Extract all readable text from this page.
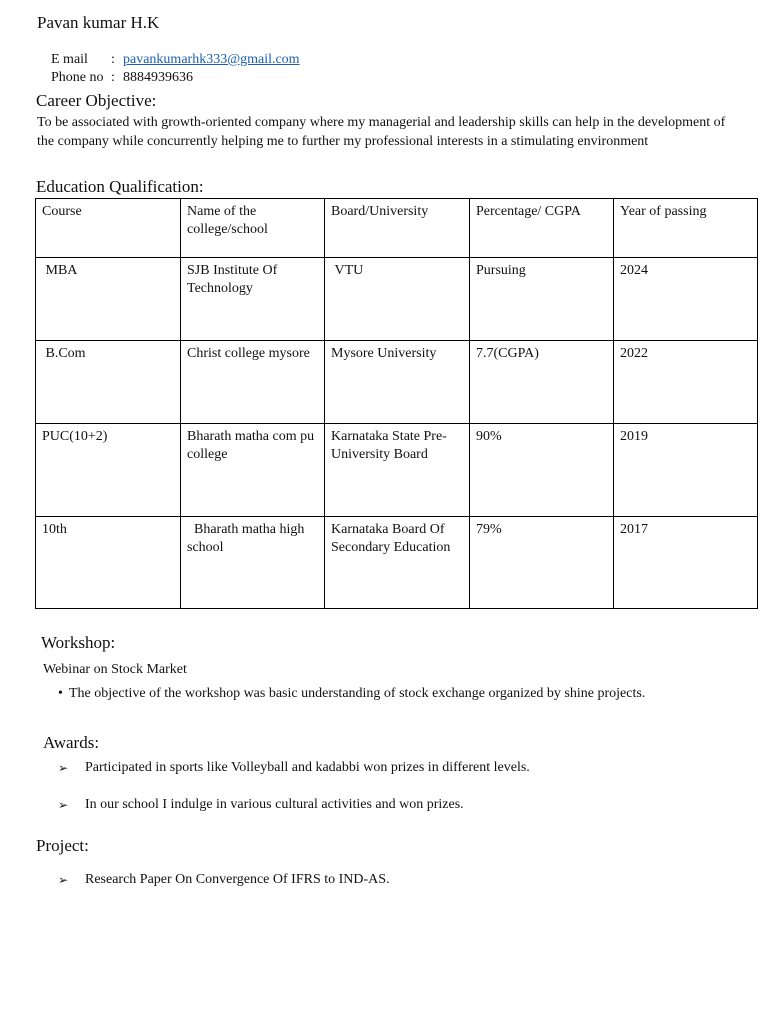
Pavan kumar H.K

E mail : pavankumarhk333@gmail.com

Phone no : 8884939636

Career Objective:
To be associated with growth-oriented company where my managerial and leadership skills can help in the development of the company while concurrently helping me to further my professional interests in a stimulating environment
Education Qualification:
Course	Name of the college/school	Board/University	Percentage/ CGPA	Year of passing
MBA	SJB Institute Of Technology	VTU	Pursuing	2024
B.Com	Christ college mysore	Mysore University	7.7(CGPA)	2022
PUC(10+2)	Bharath matha com pu college	Karnataka State Pre-University Board	90%	2019
10th	Bharath matha high school	Karnataka Board Of Secondary Education	79%	2017
Workshop:
Webinar on Stock Market
• The objective of the workshop was basic understanding of stock exchange organized by shine projects.
Awards:
➢ Participated in sports like Volleyball and kadabbi won prizes in different levels.
➢ In our school I indulge in various cultural activities and won prizes.
Project:
➢ Research Paper On Convergence Of IFRS to IND-AS.
